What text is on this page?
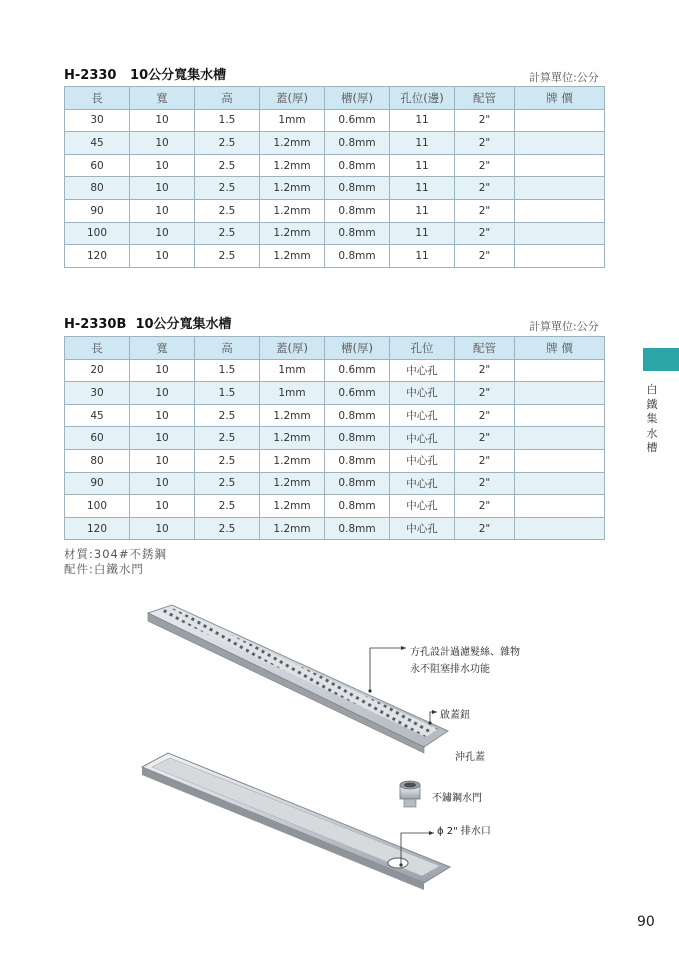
H-2330 10公分寬集水槽	計算單位:公分
長	寬	高	蓋(厚)	槽(厚)	孔位(邊)	配管	牌 價
30	10	1.5	1mm	0.6mm	11	2"	
45	10	2.5	1.2mm	0.8mm	11	2"	
60	10	2.5	1.2mm	0.8mm	11	2"	
80	10	2.5	1.2mm	0.8mm	11	2"	
90	10	2.5	1.2mm	0.8mm	11	2"	
100	10	2.5	1.2mm	0.8mm	11	2"	
120	10	2.5	1.2mm	0.8mm	11	2"	
H-2330B 10公分寬集水槽	計算單位:公分
長	寬	高	蓋(厚)	槽(厚)	孔位	配管	牌 價
20	10	1.5	1mm	0.6mm	中心孔	2"	
30	10	1.5	1mm	0.6mm	中心孔	2"	
45	10	2.5	1.2mm	0.8mm	中心孔	2"	
60	10	2.5	1.2mm	0.8mm	中心孔	2"	
80	10	2.5	1.2mm	0.8mm	中心孔	2"	
90	10	2.5	1.2mm	0.8mm	中心孔	2"	
100	10	2.5	1.2mm	0.8mm	中心孔	2"	
120	10	2.5	1.2mm	0.8mm	中心孔	2"	
材質:304#不銹鋼
配件:白鐵水門
白
鐵
集
水
槽
方孔設計過濾髮絲、雜物
永不阻塞排水功能
啟蓋鈕
沖孔蓋
不鏽鋼水門
ϕ 2" 排水口
90
